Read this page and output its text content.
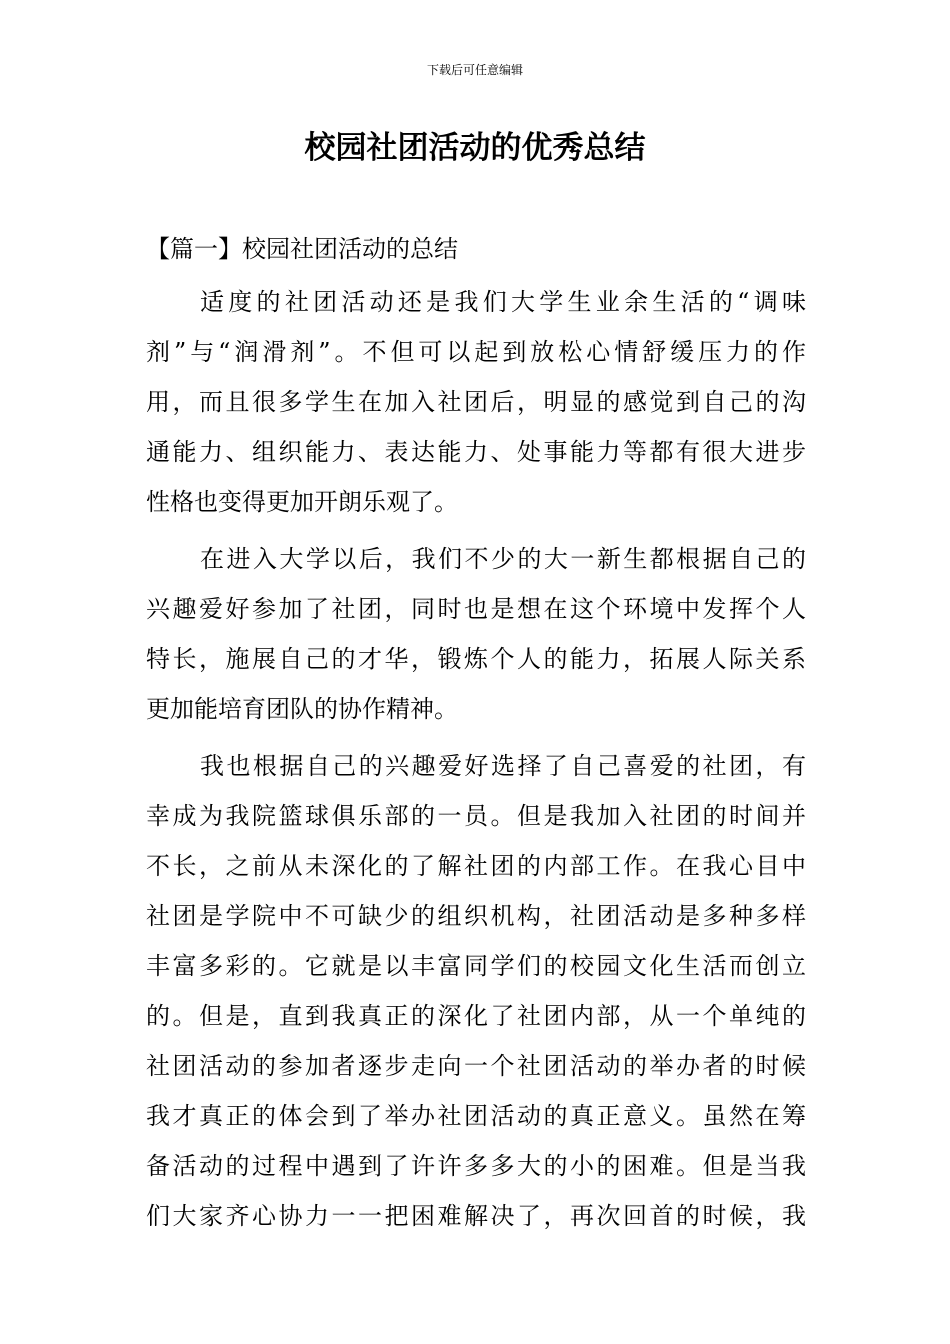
下载后可任意编辑
校园社团活动的优秀总结
【篇一】校园社团活动的总结
适度的社团活动还是我们大学生业余生活的“调味
剂”与“润滑剂”。不但可以起到放松心情舒缓压力的作
用，而且很多学生在加入社团后，明显的感觉到自己的沟
通能力、组织能力、表达能力、处事能力等都有很大进步
性格也变得更加开朗乐观了。
在进入大学以后，我们不少的大一新生都根据自己的
兴趣爱好参加了社团，同时也是想在这个环境中发挥个人
特长，施展自己的才华，锻炼个人的能力，拓展人际关系
更加能培育团队的协作精神。
我也根据自己的兴趣爱好选择了自己喜爱的社团，有
幸成为我院篮球俱乐部的一员。但是我加入社团的时间并
不长，之前从未深化的了解社团的内部工作。在我心目中
社团是学院中不可缺少的组织机构，社团活动是多种多样
丰富多彩的。它就是以丰富同学们的校园文化生活而创立
的。但是，直到我真正的深化了社团内部，从一个单纯的
社团活动的参加者逐步走向一个社团活动的举办者的时候
我才真正的体会到了举办社团活动的真正意义。虽然在筹
备活动的过程中遇到了许许多多大的小的困难。但是当我
们大家齐心协力一一把困难解决了，再次回首的时候，我
